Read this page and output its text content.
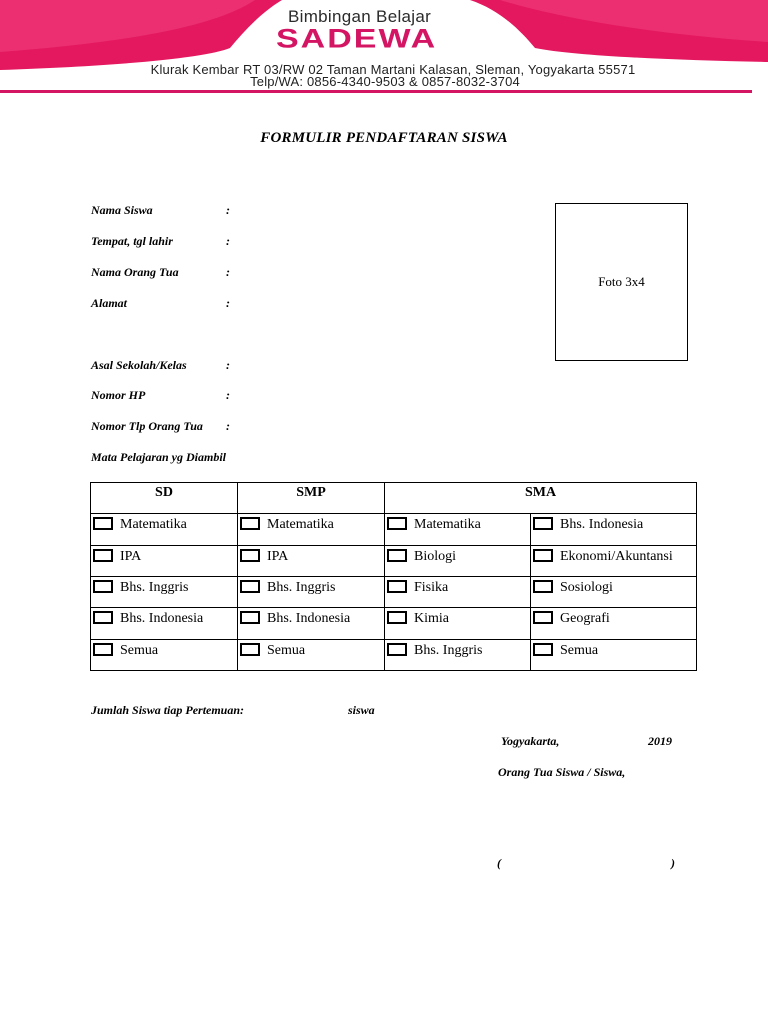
Bimbingan Belajar
SADEWA
Klurak Kembar RT 03/RW 02 Taman Martani Kalasan, Sleman, Yogyakarta 55571
Telp/WA: 0856-4340-9503 & 0857-8032-3704
FORMULIR PENDAFTARAN SISWA
Nama Siswa	:
Tempat, tgl lahir	:
Nama Orang Tua	:
Alamat	:
Asal Sekolah/Kelas	:
Nomor HP	:
Nomor Tlp Orang Tua :
Mata Pelajaran yg Diambil
Foto 3x4
SD	SMP	SMA	
Matematika	Matematika	Matematika	Bhs. Indonesia
IPA	IPA	Biologi	Ekonomi/Akuntansi
Bhs. Inggris	Bhs. Inggris	Fisika	Sosiologi
Bhs. Indonesia	Bhs. Indonesia	Kimia	Geografi
Semua	Semua	Bhs. Inggris	Semua
Jumlah Siswa tiap Pertemuan:	siswa
Yogyakarta,	2019
Orang Tua Siswa / Siswa,
(	)
